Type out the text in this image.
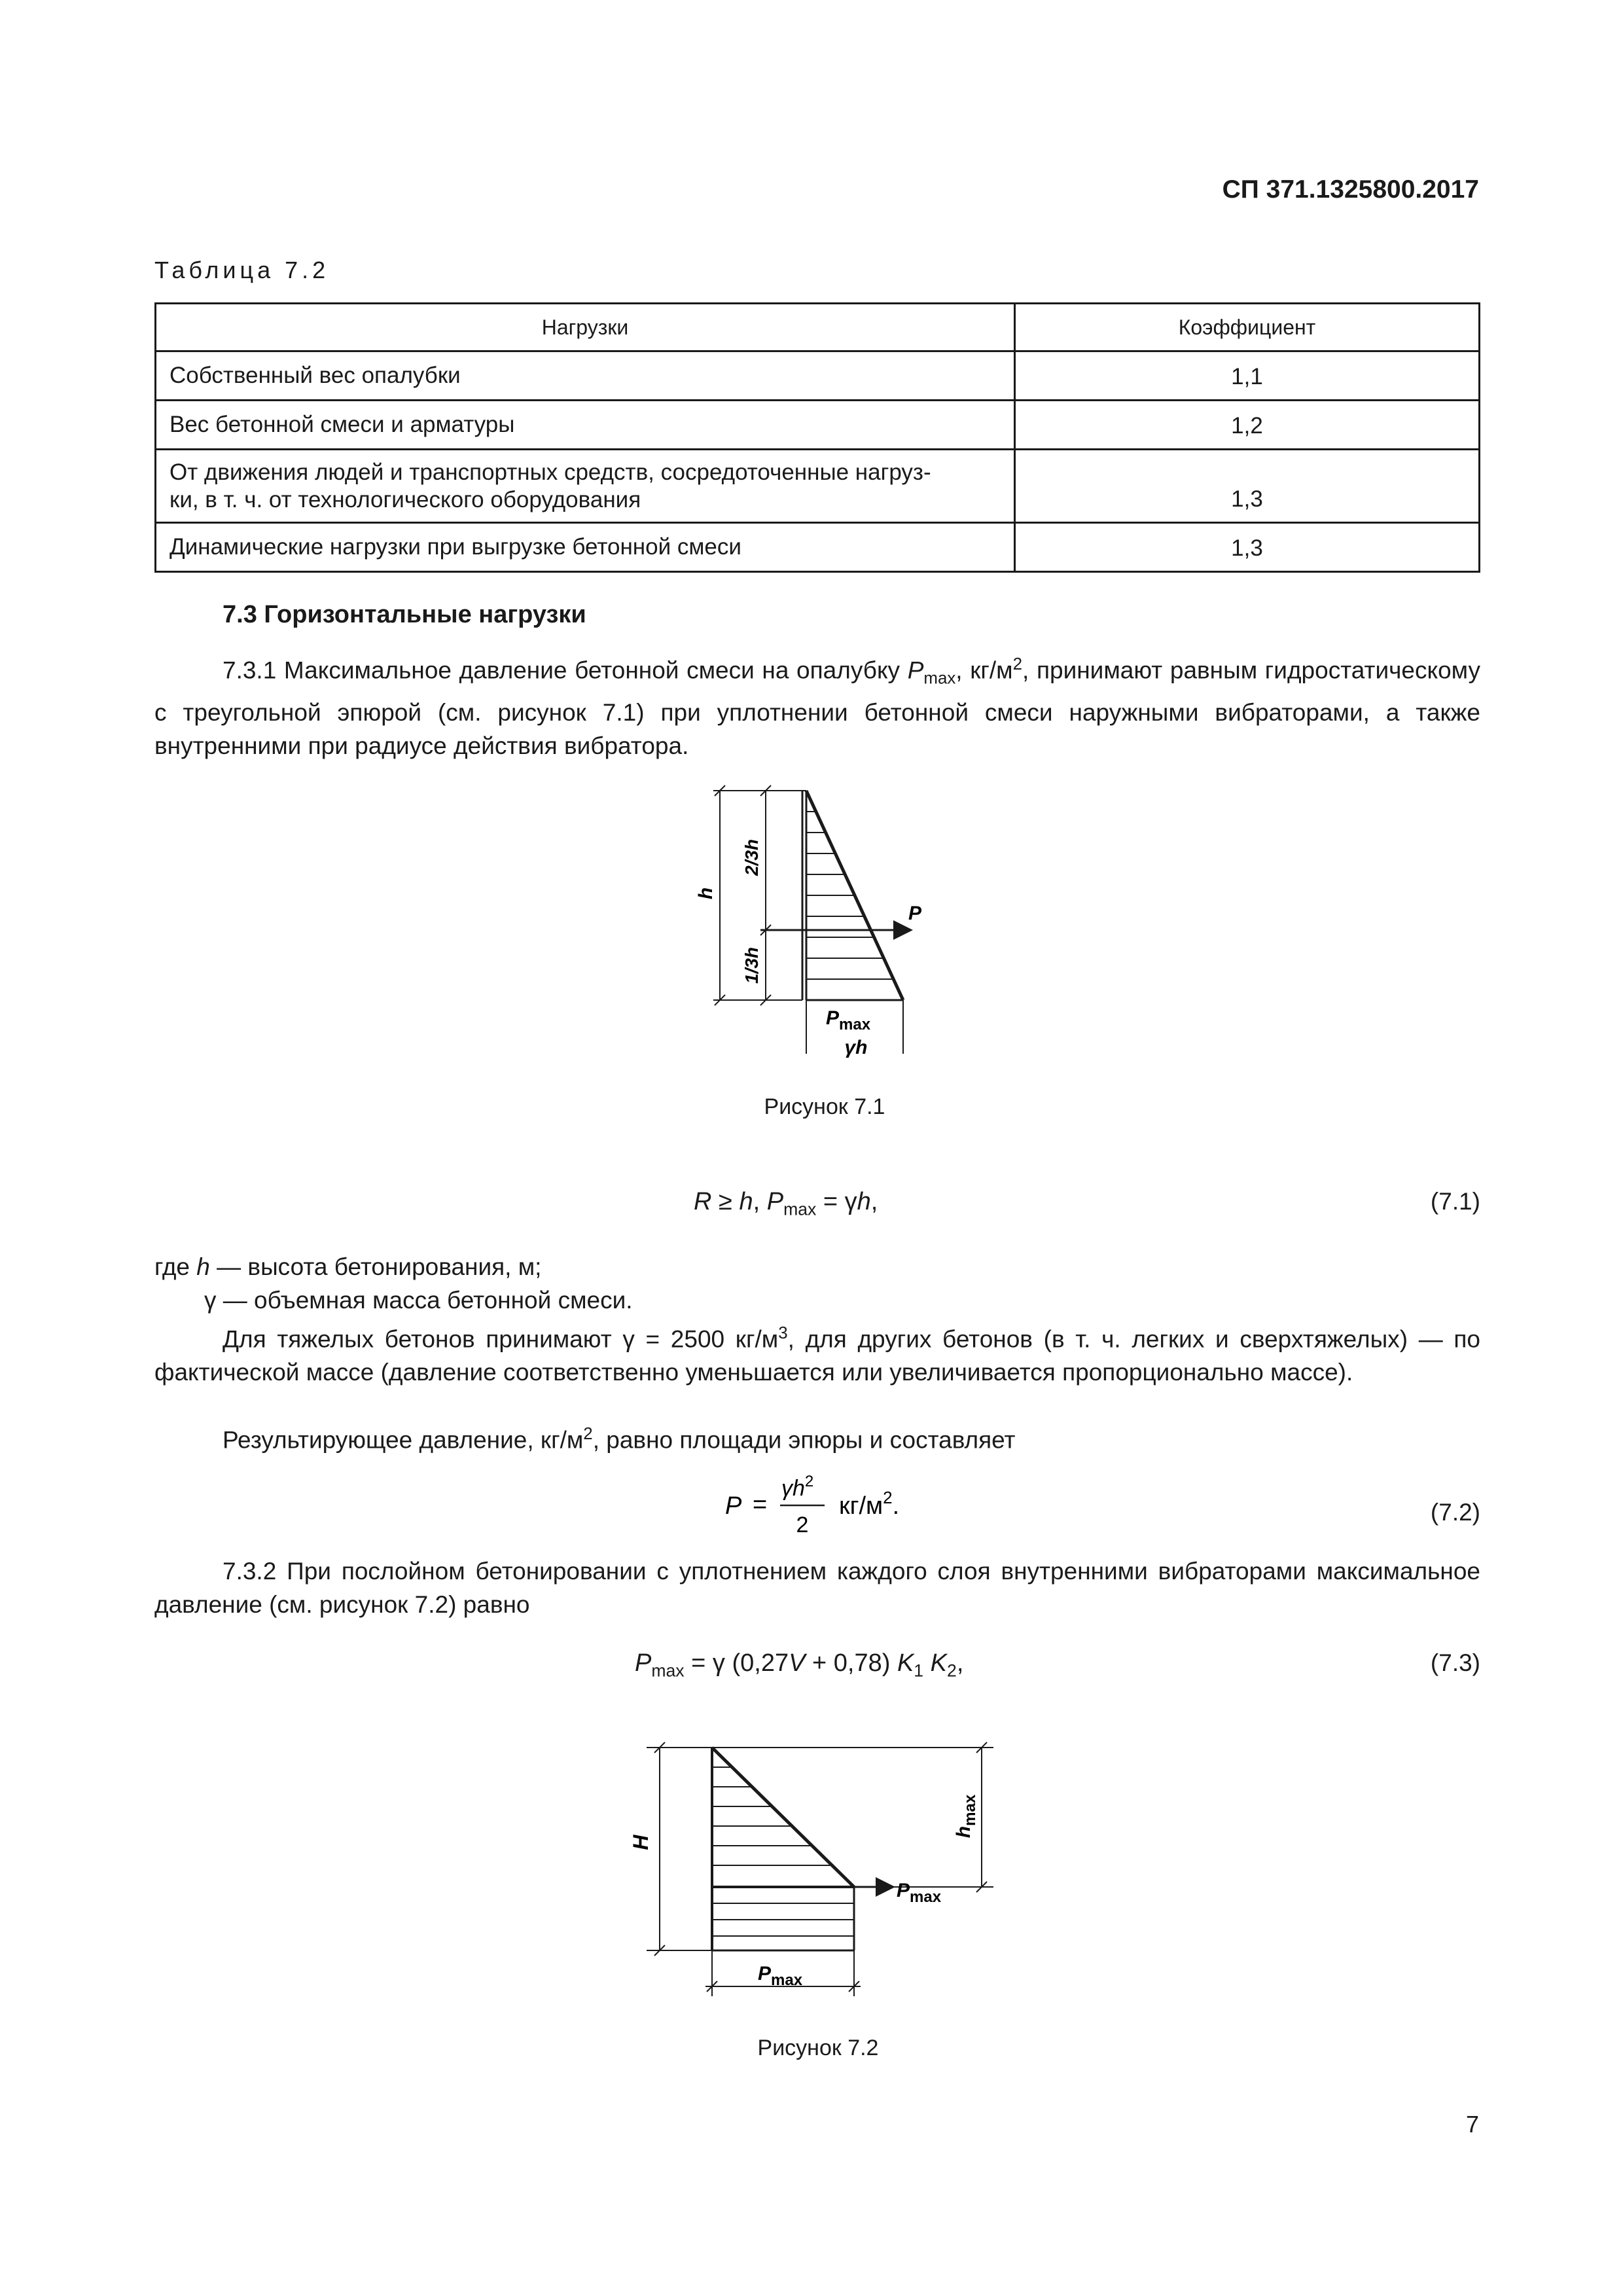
СП 371.1325800.2017
Таблица 7.2
Нагрузки	Коэффициент
Собственный вес опалубки	1,1
Вес бетонной смеси и арматуры	1,2

От движения людей и транспортных средств, сосредоточенные нагруз-
ки, в т. ч. от технологического оборудования	1,3
Динамические нагрузки при выгрузке бетонной смеси	1,3
7.3 Горизонтальные нагрузки

7.3.1 Максимальное давление бетонной смеси на опалубку $P_{max}$, $кг/м^2$, принимают равным гидростатическому с треугольной эпюрой (см. рисунок 7.1) при уплотнении бетонной смеси наружными вибраторами, а также внутренними при радиусе действия вибратора.

h
2/3h
1/3h
P
$P_{max}$
γh
Рисунок 7.1
R ≥ h, $P_{max} = \gamma h$,	(7.1)
где h — высота бетонирования, м;
γ — объемная масса бетонной смеси.

Для тяжелых бетонов принимают γ = 2500 $кг/м^3$, для других бетонов (в т. ч. легких и сверхтяжелых) — по фактической массе (давление соответственно уменьшается или увеличивается пропорционально массе).

Результирующее давление, $кг/м^2$, равно площади эпюры и составляет
P =
$\gamma h^2$
2
$кг/м^2$.	(7.2)

7.3.2 При послойном бетонировании с уплотнением каждого слоя внутренними вибраторами максимальное давление (см. рисунок 7.2) равно

$P_{max} = \gamma$ (0,27V + 0,78) $K_1$ $K_2$,	(7.3)
H
$h_{max}$
$P_{max}$
$P_{max}$
Рисунок 7.2
7
